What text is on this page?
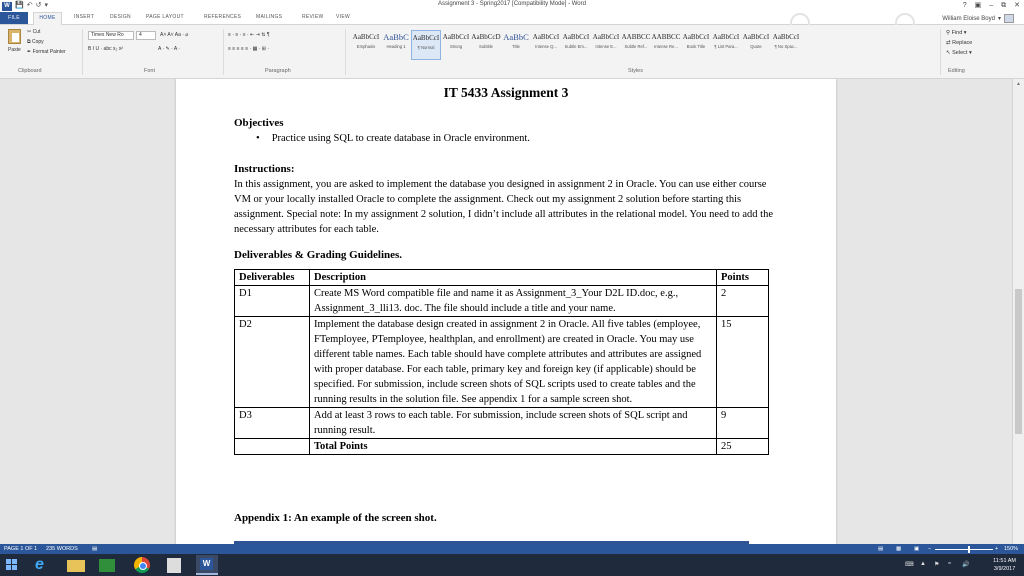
W 💾 ↶ ↺ ▾	Assignment 3 - Spring2017 [Compatibility Mode] - Word	? ▣ – ⧉ ✕
FILE	HOME	INSERT	DESIGN	PAGE LAYOUT	REFERENCES	MAILINGS	REVIEW VIEW	William Eloise Boyd ▾
Paste
✂ Cut
⧉ Copy
✒ Format Painter
Clipboard
Times New Ro	4	A˄ A˅ Aa · ⌀
B I U · abc x₂ x²	A · ✎ · A ·
Font
≡ · ≡ · ≡ · ⇤ ⇥ ⇅ ¶
≡ ≡ ≡ ≡ ≡ · ▦ · ⊞ ·
Paragraph
AaBbCcI
Emphasis
AaBbC
Heading 1
AaBbCcI
¶ Normal
AaBbCcI
Strong
AaBbCcD
Subtitle
AaBbC
Title
AaBbCcI
Intense Q...
AaBbCcI
Subtle Em...
AaBbCcI
Intense E...
AABBCC
Subtle Ref...
AABBCC
Intense Re...
AaBbCcI
Book Title
AaBbCcI
¶ List Para...
AaBbCcI
Quote
AaBbCcI
¶ No Spac...
Styles
⚲ Find ▾
⇄ Replace
↖ Select ▾
Editing
IT 5433 Assignment 3
Objectives
• Practice using SQL to create database in Oracle environment.
Instructions:
In this assignment, you are asked to implement the database you designed in assignment 2 in Oracle. You can use either course VM or your locally installed Oracle to complete the assignment. Check out my assignment 2 solution before starting this assignment. Special note: In my assignment 2 solution, I didn’t include all attributes in the relational model. You need to add the necessary attributes for each table.
Deliverables & Grading Guidelines.
Deliverables	Description	Points
D1	Create MS Word compatible file and name it as Assignment_3_Your D2L ID.doc, e.g., Assignment_3_lli13. doc. The file should include a title and your name.	2
D2	Implement the database design created in assignment 2 in Oracle. All five tables (employee, FTemployee, PTemployee, healthplan, and enrollment) are created in Oracle. You may use different table names. Each table should have complete attributes and attributes are assigned with proper database. For each table, primary key and foreign key (if applicable) should be specified. For submission, include screen shots of SQL scripts used to create tables and the running results in the solution file. See appendix 1 for a sample screen shot.	15
D3	Add at least 3 rows to each table. For submission, include screen shots of SQL script and running result.	9
	Total Points	25
Appendix 1: An example of the screen shot.
▲
PAGE 1 OF 1 235 WORDS	▤	▤ ▩ ▣ −	+ 150%
e W	⌨ ▲ ⚑ ≈ 🔊
11:51 AM
3/9/2017
